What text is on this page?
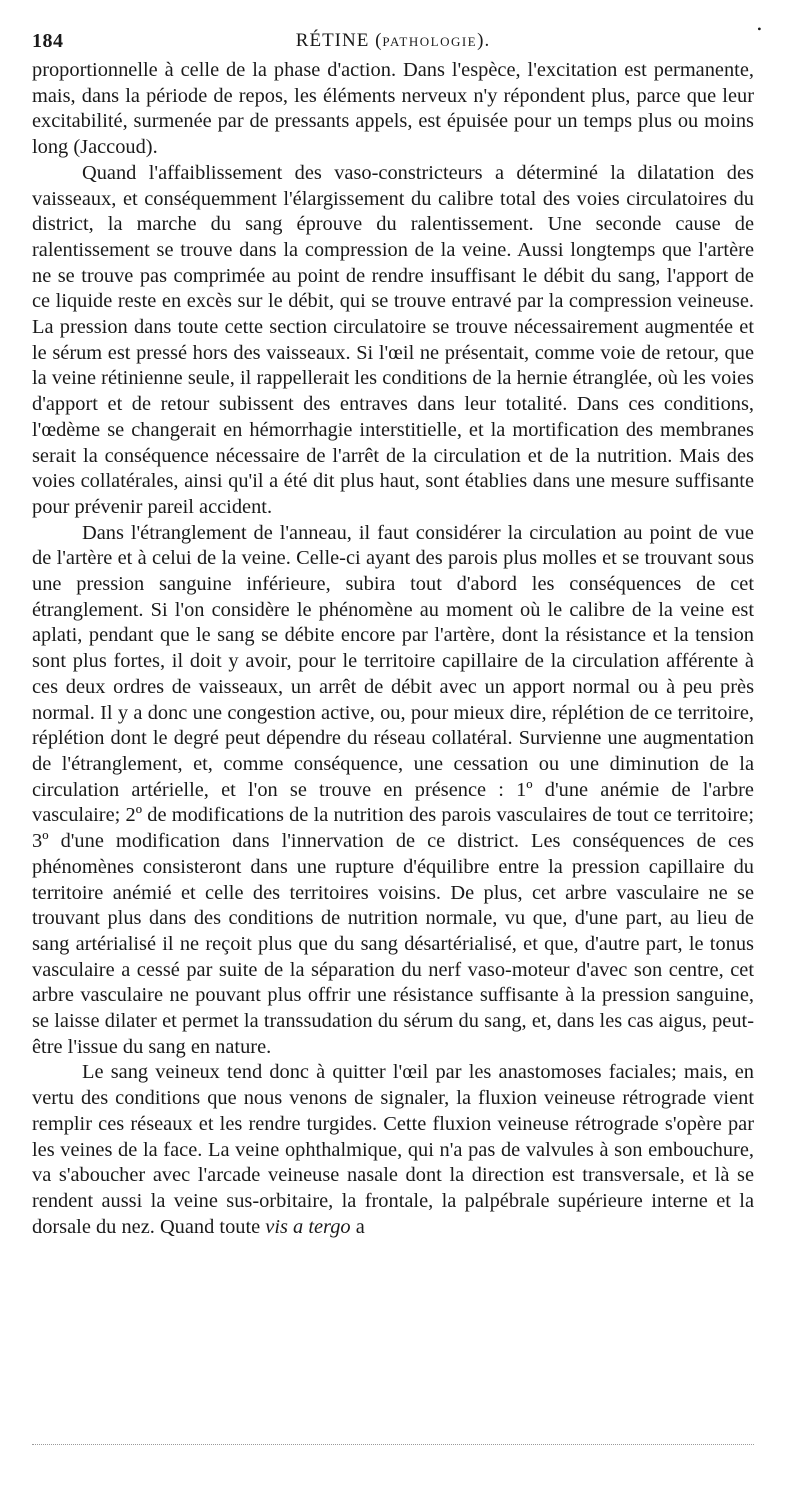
184	RÉTINE (PATHOLOGIE).
•

proportionnelle à celle de la phase d'action. Dans l'espèce, l'excitation est permanente, mais, dans la période de repos, les éléments nerveux n'y répondent plus, parce que leur excitabilité, surmenée par de pressants appels, est épuisée pour un temps plus ou moins long (Jaccoud).

Quand l'affaiblissement des vaso-constricteurs a déterminé la dilatation des vaisseaux, et conséquemment l'élargissement du calibre total des voies circulatoires du district, la marche du sang éprouve du ralentissement. Une seconde cause de ralentissement se trouve dans la compression de la veine. Aussi longtemps que l'artère ne se trouve pas comprimée au point de rendre insuffisant le débit du sang, l'apport de ce liquide reste en excès sur le débit, qui se trouve entravé par la compression veineuse. La pression dans toute cette section circulatoire se trouve nécessairement augmentée et le sérum est pressé hors des vaisseaux. Si l'œil ne présentait, comme voie de retour, que la veine rétinienne seule, il rappellerait les conditions de la hernie étranglée, où les voies d'apport et de retour subissent des entraves dans leur totalité. Dans ces conditions, l'œdème se changerait en hémorrhagie interstitielle, et la mortification des membranes serait la conséquence nécessaire de l'arrêt de la circulation et de la nutrition. Mais des voies collatérales, ainsi qu'il a été dit plus haut, sont établies dans une mesure suffisante pour prévenir pareil accident.

Dans l'étranglement de l'anneau, il faut considérer la circulation au point de vue de l'artère et à celui de la veine. Celle-ci ayant des parois plus molles et se trouvant sous une pression sanguine inférieure, subira tout d'abord les conséquences de cet étranglement. Si l'on considère le phénomène au moment où le calibre de la veine est aplati, pendant que le sang se débite encore par l'artère, dont la résistance et la tension sont plus fortes, il doit y avoir, pour le territoire capillaire de la circulation afférente à ces deux ordres de vaisseaux, un arrêt de débit avec un apport normal ou à peu près normal. Il y a donc une congestion active, ou, pour mieux dire, réplétion de ce territoire, réplétion dont le degré peut dépendre du réseau collatéral. Survienne une augmentation de l'étranglement, et, comme conséquence, une cessation ou une diminution de la circulation artérielle, et l'on se trouve en présence : 1º d'une anémie de l'arbre vasculaire; 2º de modifications de la nutrition des parois vasculaires de tout ce territoire; 3º d'une modification dans l'innervation de ce district. Les conséquences de ces phénomènes consisteront dans une rupture d'équilibre entre la pression capillaire du territoire anémié et celle des territoires voisins. De plus, cet arbre vasculaire ne se trouvant plus dans des conditions de nutrition normale, vu que, d'une part, au lieu de sang artérialisé il ne reçoit plus que du sang désartérialisé, et que, d'autre part, le tonus vasculaire a cessé par suite de la séparation du nerf vaso-moteur d'avec son centre, cet arbre vasculaire ne pouvant plus offrir une résistance suffisante à la pression sanguine, se laisse dilater et permet la transsudation du sérum du sang, et, dans les cas aigus, peut-être l'issue du sang en nature.

Le sang veineux tend donc à quitter l'œil par les anastomoses faciales; mais, en vertu des conditions que nous venons de signaler, la fluxion veineuse rétrograde vient remplir ces réseaux et les rendre turgides. Cette fluxion veineuse rétrograde s'opère par les veines de la face. La veine ophthalmique, qui n'a pas de valvules à son embouchure, va s'aboucher avec l'arcade veineuse nasale dont la direction est transversale, et là se rendent aussi la veine sus-orbitaire, la frontale, la palpébrale supérieure interne et la dorsale du nez. Quand toute vis a tergo a
